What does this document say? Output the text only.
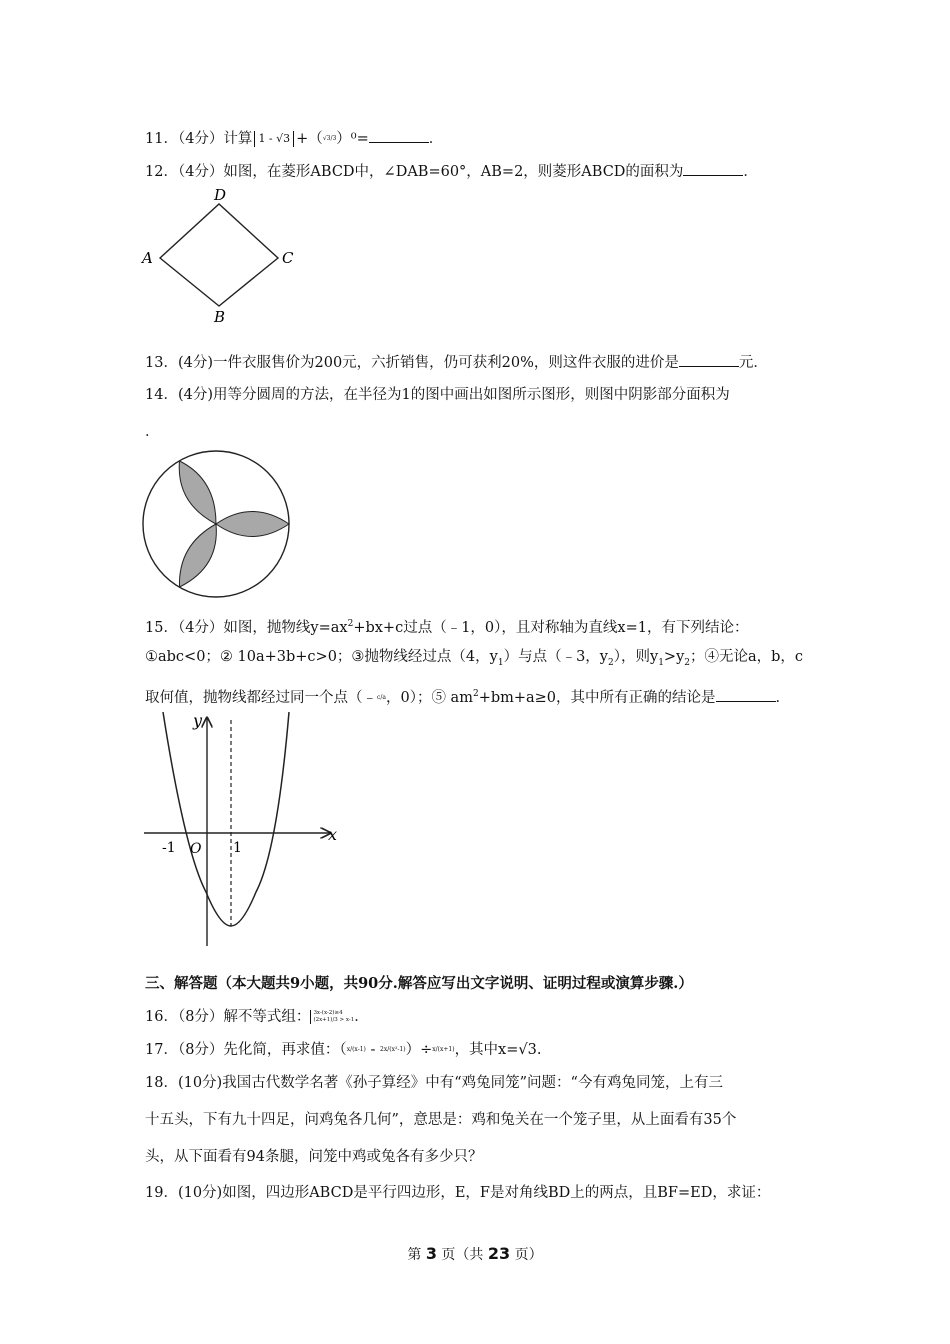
11．（4分）计算 1 - √3 +（√3/3）⁰=	．
12．（4分）如图，在菱形ABCD中，∠DAB=60°，AB=2，则菱形ABCD的面积为	．
D
A	C
B
13．(4分)一件衣服售价为200元，六折销售，仍可获利20%，则这件衣服的进价是	元．
14．(4分)用等分圆周的方法，在半径为1的图中画出如图所示图形，则图中阴影部分面积为
．
15．（4分）如图，抛物线$y=ax^2+bx+c$过点（﹣1，0），且对称轴为直线x=1，有下列结论：
①abc<0；② 10a+3b+c>0；③抛物线经过点（4，$y_1$）与点（﹣3，$y_2$），则$y_1>y_2$；④无论a，b，c
取何值，抛物线都经过同一个点（﹣c/a，0）；⑤ $am^2+bm+a\ge 0$，其中所有正确的结论是	．
y
x
-1 O 1
三、解答题（本大题共9小题，共90分.解答应写出文字说明、证明过程或演算步骤.）
16．（8分）解不等式组： 3x-(x-2)≥4
(2x+1)/3 > x-1．
17．（8分）先化简，再求值：（x/(x-1) - 2x/(x²-1)）÷x/(x+1)，其中x=√3.
18．(10分)我国古代数学名著《孙子算经》中有“鸡兔同笼”问题：“今有鸡兔同笼，上有三
十五头，下有九十四足，问鸡兔各几何”，意思是：鸡和兔关在一个笼子里，从上面看有35个
头，从下面看有94条腿，问笼中鸡或兔各有多少只？
19．(10分)如图，四边形ABCD是平行四边形，E，F是对角线BD上的两点，且BF=ED，求证：
第 3 页（共 23 页）
